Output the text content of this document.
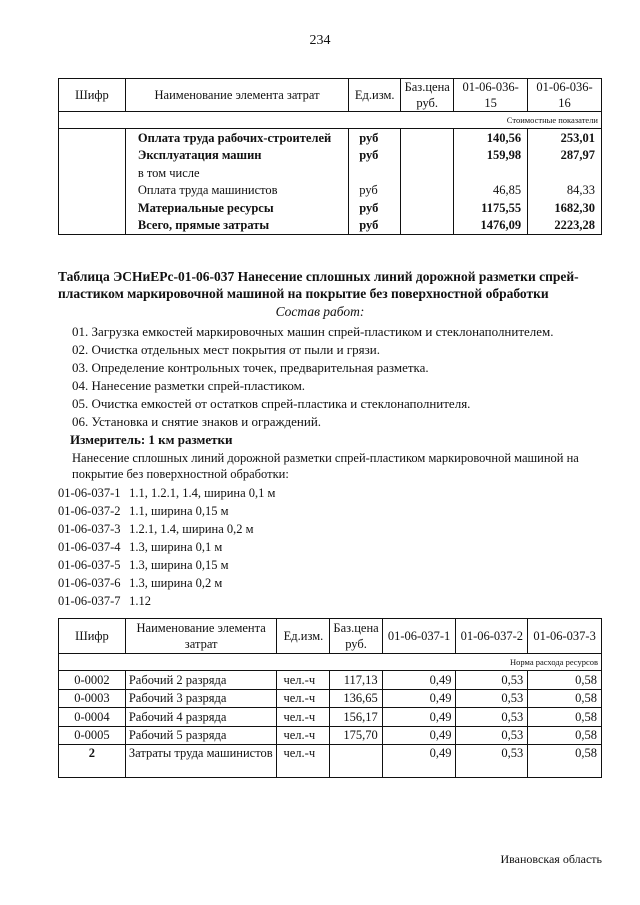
234
Шифр	Наименование элемента затрат	Ед.изм.	Баз.цена руб.	01-06-036-15	01-06-036-16
Стоимостные показатели					
	Оплата труда рабочих-строителей	руб		140,56	253,01
	Эксплуатация машин	руб		159,98	287,97
	в том числе				
	Оплата труда машинистов	руб		46,85	84,33
	Материальные ресурсы	руб		1175,55	1682,30
	Всего, прямые затраты	руб		1476,09	2223,28
Таблица ЭСНиЕРс-01-06-037 Нанесение сплошных линий дорожной разметки спрей-
пластиком маркировочной машиной на покрытие без поверхностной обработки
Состав работ:
01. Загрузка емкостей маркировочных машин спрей-пластиком и стеклонаполнителем.
02. Очистка отдельных мест покрытия от пыли и грязи.
03. Определение контрольных точек, предварительная разметка.
04. Нанесение разметки спрей-пластиком.
05. Очистка емкостей от остатков спрей-пластика и стеклонаполнителя.
06. Установка и снятие знаков и ограждений.
Измеритель: 1 км разметки
Нанесение сплошных линий дорожной разметки спрей-пластиком маркировочной машиной на покрытие без поверхностной обработки:
01-06-037-1 1.1, 1.2.1, 1.4, ширина 0,1 м
01-06-037-2 1.1, ширина 0,15 м
01-06-037-3 1.2.1, 1.4, ширина 0,2 м
01-06-037-4 1.3, ширина 0,1 м
01-06-037-5 1.3, ширина 0,15 м
01-06-037-6 1.3, ширина 0,2 м
01-06-037-7 1.12
Шифр	Наименование элемента затрат	Ед.изм.	Баз.цена руб.	01-06-037-1	01-06-037-2	01-06-037-3
Норма расхода ресурсов						
0-0002	Рабочий 2 разряда	чел.-ч	117,13	0,49	0,53	0,58
0-0003	Рабочий 3 разряда	чел.-ч	136,65	0,49	0,53	0,58
0-0004	Рабочий 4 разряда	чел.-ч	156,17	0,49	0,53	0,58
0-0005	Рабочий 5 разряда	чел.-ч	175,70	0,49	0,53	0,58
2	Затраты труда машинистов	чел.-ч		0,49	0,53	0,58
Ивановская область
